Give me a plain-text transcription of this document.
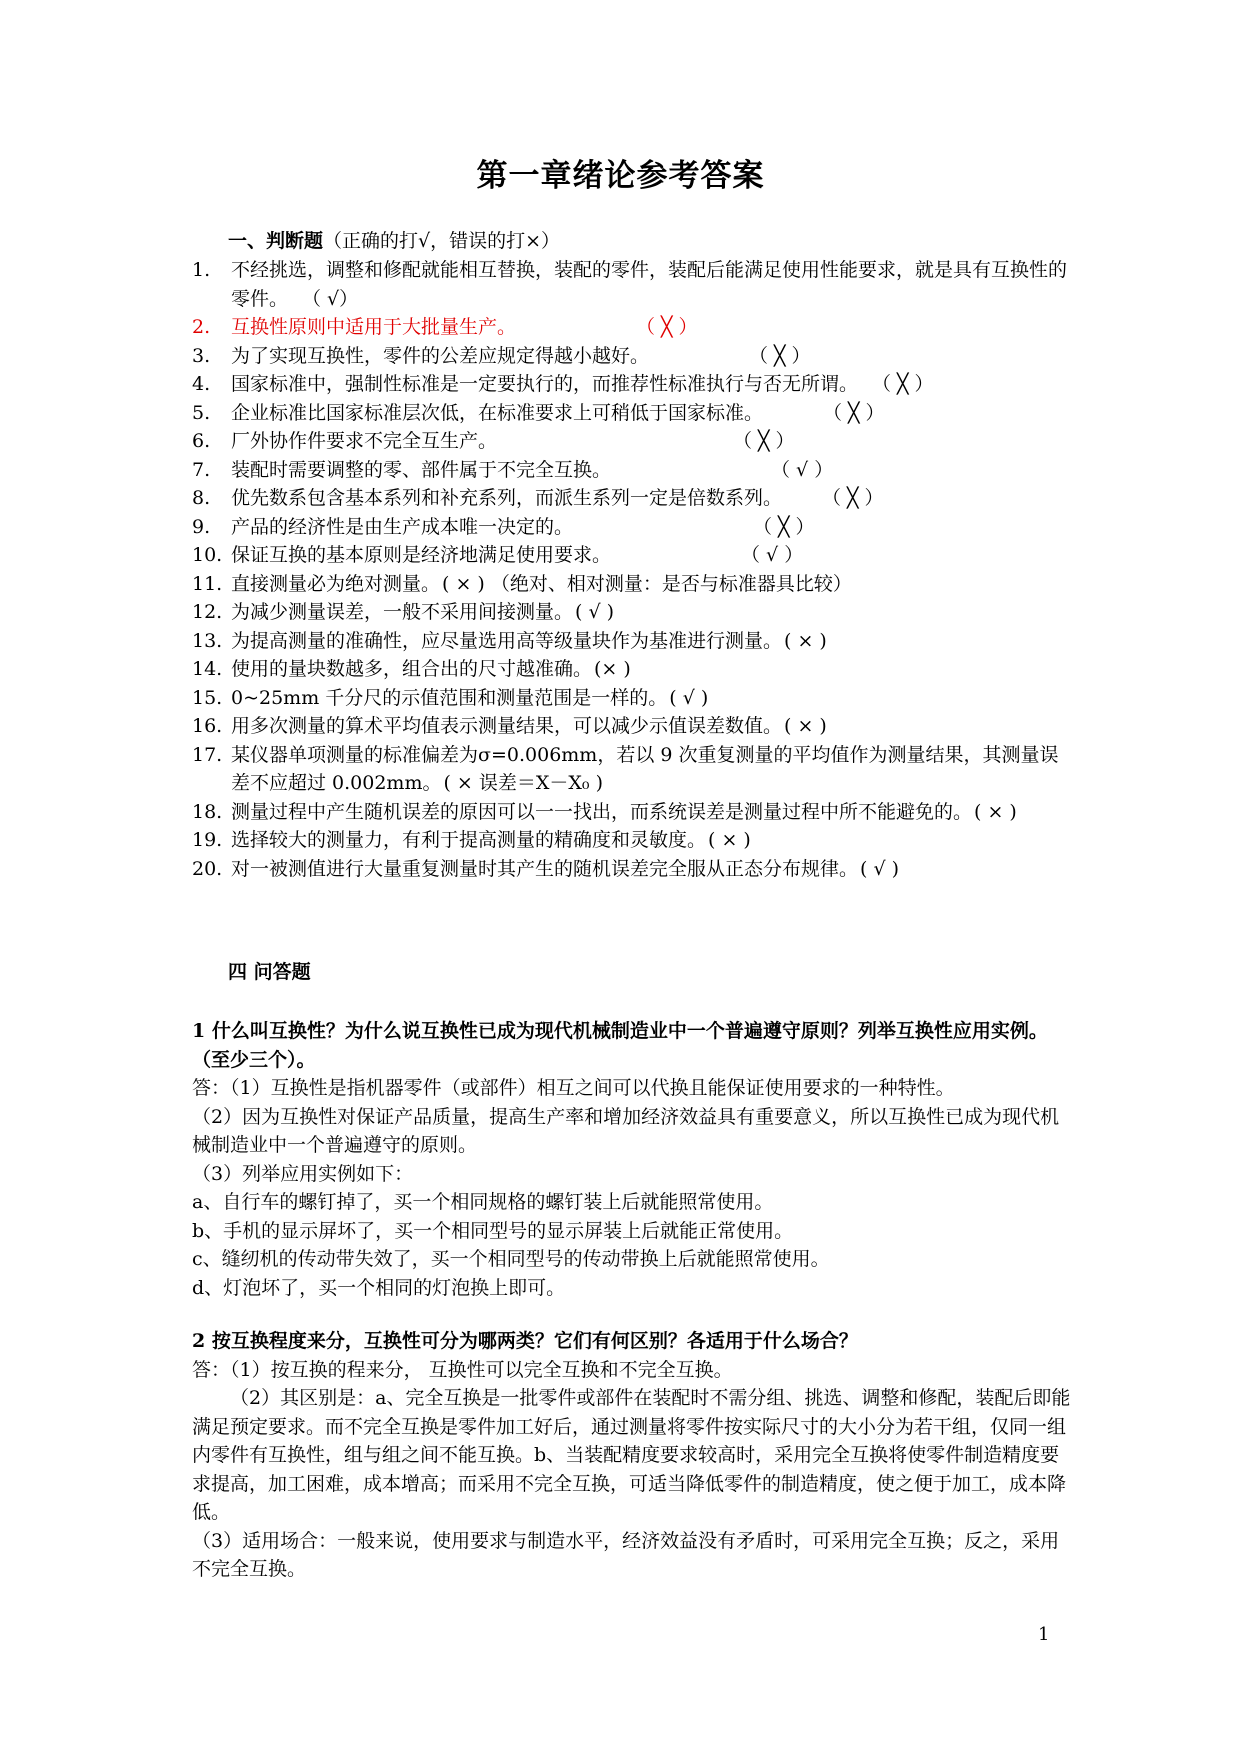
第一章绪论参考答案
一、判断题（正确的打√，错误的打×）
1.	不经挑选，调整和修配就能相互替换，装配的零件，装配后能满足使用性能要求，就是具有互换性的零件。 （ √）
2.	互换性原则中适用于大批量生产。	（ ╳ ）
3.	为了实现互换性，零件的公差应规定得越小越好。	（ ╳ ）
4.	国家标准中，强制性标准是一定要执行的，而推荐性标准执行与否无所谓。 （ ╳ ）
5.	企业标准比国家标准层次低，在标准要求上可稍低于国家标准。	（ ╳ ）
6.	厂外协作件要求不完全互生产。	（ ╳ ）
7.	装配时需要调整的零、部件属于不完全互换。	（ √ ）
8.	优先数系包含基本系列和补充系列，而派生系列一定是倍数系列。 （ ╳ ）
9.	产品的经济性是由生产成本唯一决定的。	（ ╳ ）
10. 保证互换的基本原则是经济地满足使用要求。	（ √ ）
11. 直接测量必为绝对测量。 ( × ) （绝对、相对测量：是否与标准器具比较）
12. 为减少测量误差，一般不采用间接测量。 ( √ )
13. 为提高测量的准确性，应尽量选用高等级量块作为基准进行测量。 ( × )
14. 使用的量块数越多，组合出的尺寸越准确。 (× )
15. 0~25mm 千分尺的示值范围和测量范围是一样的。 ( √ )
16. 用多次测量的算术平均值表示测量结果，可以减少示值误差数值。 ( × )
17. 某仪器单项测量的标准偏差为σ=0.006mm，若以 9 次重复测量的平均值作为测量结果，其测量误差不应超过 0.002mm。 ( × 误差＝X－X₀ )
18. 测量过程中产生随机误差的原因可以一一找出，而系统误差是测量过程中所不能避免的。 ( × )
19. 选择较大的测量力，有利于提高测量的精确度和灵敏度。 ( × )
20. 对一被测值进行大量重复测量时其产生的随机误差完全服从正态分布规律。 ( √ )
四 问答题
1 什么叫互换性？为什么说互换性已成为现代机械制造业中一个普遍遵守原则？列举互换性应用实例。（至少三个）。
答：（1）互换性是指机器零件（或部件）相互之间可以代换且能保证使用要求的一种特性。
（2）因为互换性对保证产品质量，提高生产率和增加经济效益具有重要意义，所以互换性已成为现代机械制造业中一个普遍遵守的原则。
（3）列举应用实例如下：
a、自行车的螺钉掉了，买一个相同规格的螺钉装上后就能照常使用。
b、手机的显示屏坏了，买一个相同型号的显示屏装上后就能正常使用。
c、缝纫机的传动带失效了，买一个相同型号的传动带换上后就能照常使用。
d、灯泡坏了，买一个相同的灯泡换上即可。
2 按互换程度来分，互换性可分为哪两类？它们有何区别？各适用于什么场合？
答：（1）按互换的程来分， 互换性可以完全互换和不完全互换。
（2）其区别是：a、完全互换是一批零件或部件在装配时不需分组、挑选、调整和修配，装配后即能满足预定要求。而不完全互换是零件加工好后，通过测量将零件按实际尺寸的大小分为若干组，仅同一组内零件有互换性，组与组之间不能互换。b、当装配精度要求较高时，采用完全互换将使零件制造精度要求提高，加工困难，成本增高；而采用不完全互换，可适当降低零件的制造精度，使之便于加工，成本降低。
（3）适用场合：一般来说，使用要求与制造水平，经济效益没有矛盾时，可采用完全互换；反之，采用不完全互换。
1
